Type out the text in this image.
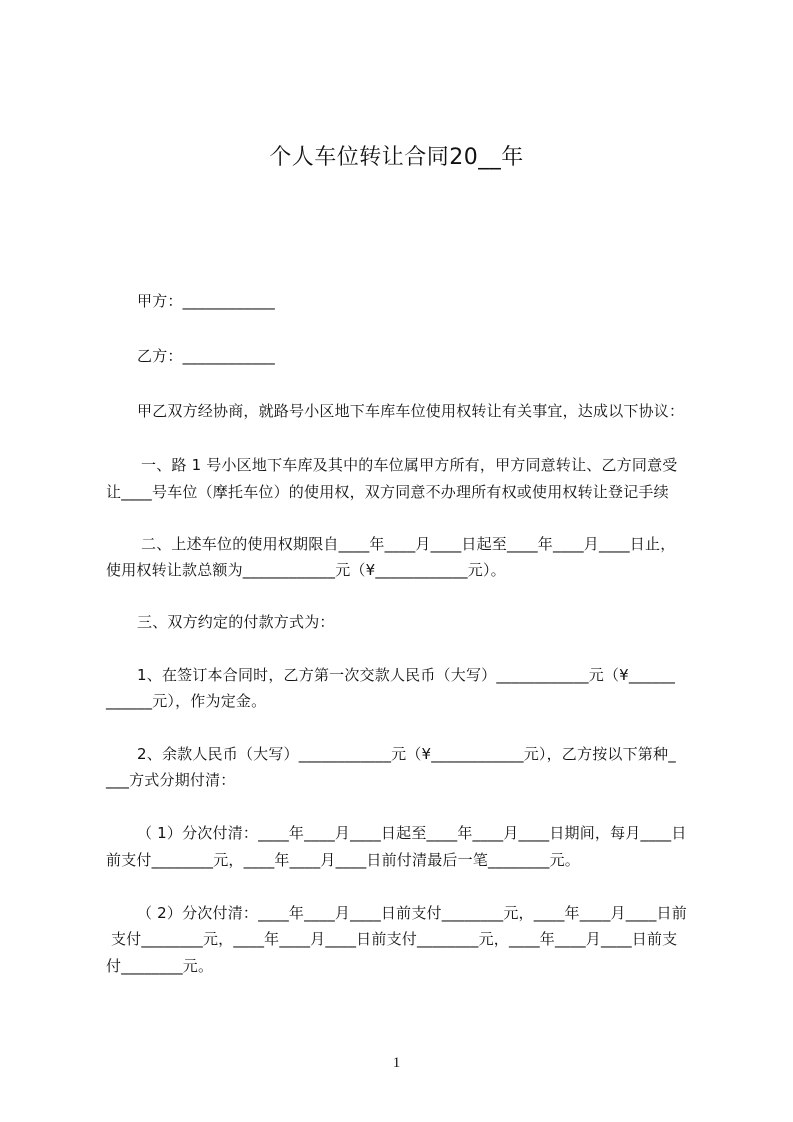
个人车位转让合同20__年
甲方：____________
乙方：____________
甲乙双方经协商，就路号小区地下车库车位使用权转让有关事宜，达成以下协议：
一、路 1 号小区地下车库及其中的车位属甲方所有，甲方同意转让、乙方同意受
让____号车位（摩托车位）的使用权，双方同意不办理所有权或使用权转让登记手续
二、上述车位的使用权期限自____年____月____日起至____年____月____日止，
使用权转让款总额为____________元（¥____________元）。
三、双方约定的付款方式为：
1、在签订本合同时，乙方第一次交款人民币（大写）____________元（¥______
______元），作为定金。
2、余款人民币（大写）____________元（¥____________元），乙方按以下第种_
___方式分期付清：
（ 1）分次付清：____年____月____日起至____年____月____日期间，每月____日
前支付________元，____年____月____日前付清最后一笔________元。
（ 2）分次付清：____年____月____日前支付________元，____年____月____日前
支付________元，____年____月____日前支付________元，____年____月____日前支
付________元。
1
